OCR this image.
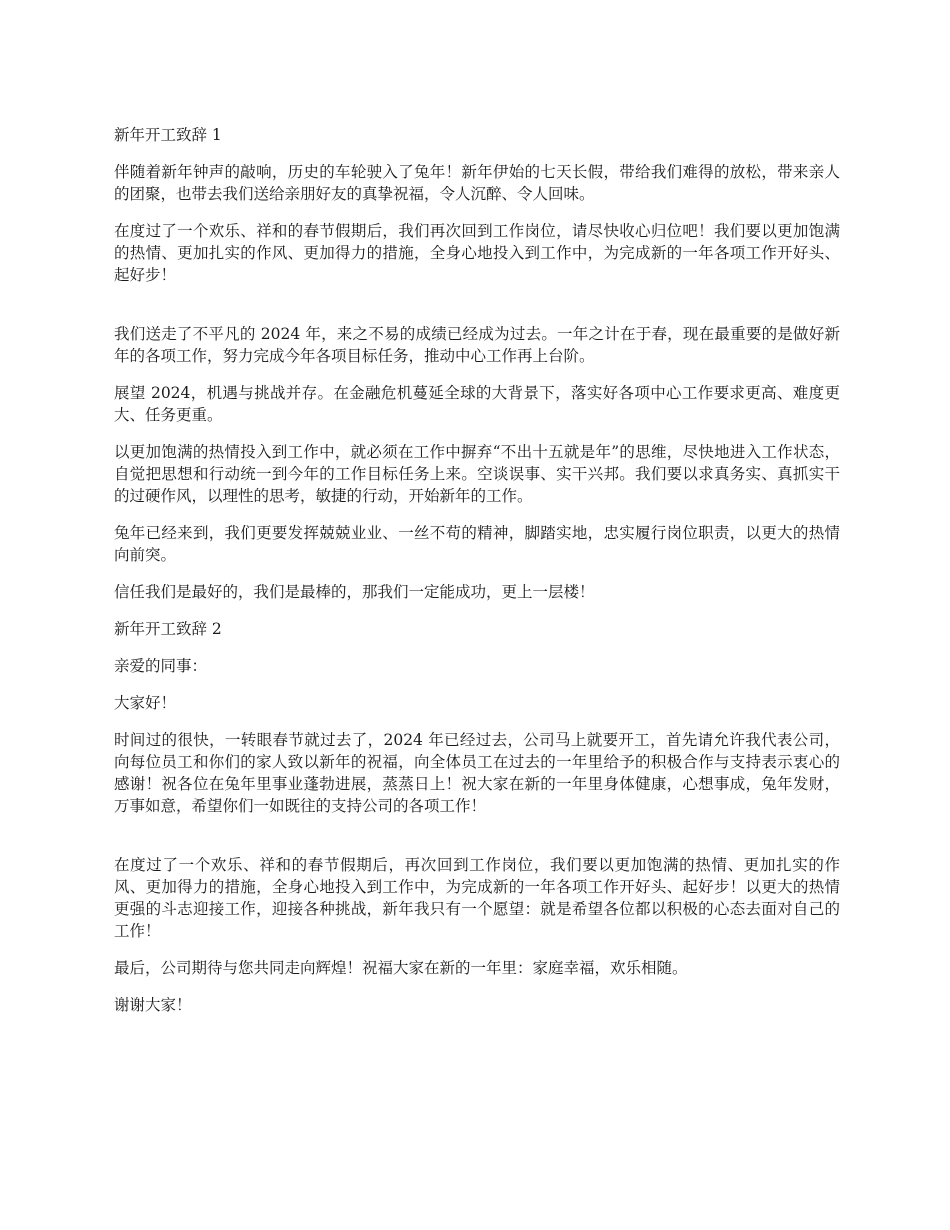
新年开工致辞 1

伴随着新年钟声的敲响，历史的车轮驶入了兔年！新年伊始的七天长假，带给我们难得的放松，带来亲人的团聚，也带去我们送给亲朋好友的真挚祝福，令人沉醉、令人回味。

在度过了一个欢乐、祥和的春节假期后，我们再次回到工作岗位，请尽快收心归位吧！我们要以更加饱满的热情、更加扎实的作风、更加得力的措施，全身心地投入到工作中，为完成新的一年各项工作开好头、起好步！

我们送走了不平凡的 2024 年，来之不易的成绩已经成为过去。一年之计在于春，现在最重要的是做好新年的各项工作，努力完成今年各项目标任务，推动中心工作再上台阶。

展望 2024，机遇与挑战并存。在金融危机蔓延全球的大背景下，落实好各项中心工作要求更高、难度更大、任务更重。

以更加饱满的热情投入到工作中，就必须在工作中摒弃“不出十五就是年”的思维，尽快地进入工作状态，自觉把思想和行动统一到今年的工作目标任务上来。空谈误事、实干兴邦。我们要以求真务实、真抓实干的过硬作风，以理性的思考，敏捷的行动，开始新年的工作。

兔年已经来到，我们更要发挥兢兢业业、一丝不苟的精神，脚踏实地，忠实履行岗位职责，以更大的热情向前突。

信任我们是最好的，我们是最棒的，那我们一定能成功，更上一层楼！

新年开工致辞 2

亲爱的同事：

大家好！

时间过的很快，一转眼春节就过去了，2024 年已经过去，公司马上就要开工，首先请允许我代表公司，向每位员工和你们的家人致以新年的祝福，向全体员工在过去的一年里给予的积极合作与支持表示衷心的感谢！祝各位在兔年里事业蓬勃进展，蒸蒸日上！祝大家在新的一年里身体健康，心想事成，兔年发财，万事如意，希望你们一如既往的支持公司的各项工作！

在度过了一个欢乐、祥和的春节假期后，再次回到工作岗位，我们要以更加饱满的热情、更加扎实的作风、更加得力的措施，全身心地投入到工作中，为完成新的一年各项工作开好头、起好步！以更大的热情更强的斗志迎接工作，迎接各种挑战，新年我只有一个愿望：就是希望各位都以积极的心态去面对自己的工作！

最后，公司期待与您共同走向辉煌！祝福大家在新的一年里：家庭幸福，欢乐相随。

谢谢大家！
